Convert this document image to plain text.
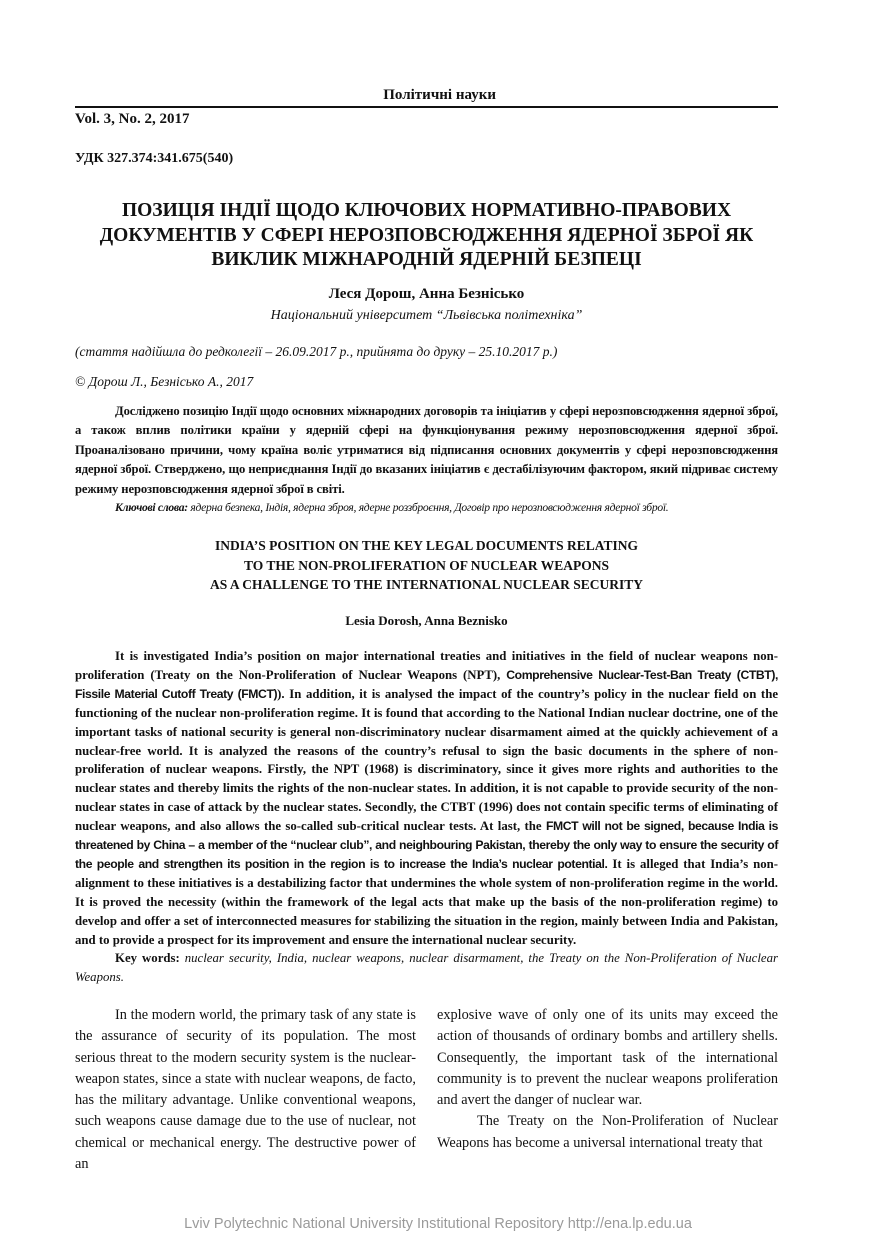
Політичні науки
Vol. 3, No. 2, 2017
УДК 327.374:341.675(540)
ПОЗИЦІЯ ІНДІЇ ЩОДО КЛЮЧОВИХ НОРМАТИВНО-ПРАВОВИХ ДОКУМЕНТІВ У СФЕРІ НЕРОЗПОВСЮДЖЕННЯ ЯДЕРНОЇ ЗБРОЇ ЯК ВИКЛИК МІЖНАРОДНІЙ ЯДЕРНІЙ БЕЗПЕЦІ
Леся Дорош, Анна Безнісько
Національний університет “Львівська політехніка”
(стаття надійшла до редколегії – 26.09.2017 р., прийнята до друку – 25.10.2017 р.)
© Дорош Л., Безнісько А., 2017
Досліджено позицію Індії щодо основних міжнародних договорів та ініціатив у сфері нерозповсюдження ядерної зброї, а також вплив політики країни у ядерній сфері на функціонування режиму нерозповсюдження ядерної зброї. Проаналізовано причини, чому країна воліє утриматися від підписання основних документів у сфері нерозповсюдження ядерної зброї. Стверджено, що неприєднання Індії до вказаних ініціатив є дестабілізуючим фактором, який підриває систему режиму нерозповсюдження ядерної зброї в світі.
Ключові слова: ядерна безпека, Індія, ядерна зброя, ядерне роззброєння, Договір про нерозповсюдження ядерної зброї.
INDIA’S POSITION ON THE KEY LEGAL DOCUMENTS RELATING
TO THE NON-PROLIFERATION OF NUCLEAR WEAPONS
AS A CHALLENGE TO THE INTERNATIONAL NUCLEAR SECURITY
Lesia Dorosh, Anna Beznisko
It is investigated India’s position on major international treaties and initiatives in the field of nuclear weapons non-proliferation (Treaty on the Non-Proliferation of Nuclear Weapons (NPT), Comprehensive Nuclear-Test-Ban Treaty (CTBT), Fissile Material Cutoff Treaty (FMCT)). In addition, it is analysed the impact of the country’s policy in the nuclear field on the functioning of the nuclear non-proliferation regime. It is found that according to the National Indian nuclear doctrine, one of the important tasks of national security is general non-discriminatory nuclear disarmament aimed at the quickly achievement of a nuclear-free world. It is analyzed the reasons of the country’s refusal to sign the basic documents in the sphere of non-proliferation of nuclear weapons. Firstly, the NPT (1968) is discriminatory, since it gives more rights and authorities to the nuclear states and thereby limits the rights of the non-nuclear states. In addition, it is not capable to provide security of the non-nuclear states in case of attack by the nuclear states. Secondly, the CTBT (1996) does not contain specific terms of eliminating of nuclear weapons, and also allows the so-called sub-critical nuclear tests. At last, the FMCT will not be signed, because India is threatened by China – a member of the “nuclear club”, and neighbouring Pakistan, thereby the only way to ensure the security of the people and strengthen its position in the region is to increase the India’s nuclear potential. It is alleged that India’s non-alignment to these initiatives is a destabilizing factor that undermines the whole system of non-proliferation regime in the world. It is proved the necessity (within the framework of the legal acts that make up the basis of the non-proliferation regime) to develop and offer a set of interconnected measures for stabilizing the situation in the region, mainly between India and Pakistan, and to provide a prospect for its improvement and ensure the international nuclear security.
Key words: nuclear security, India, nuclear weapons, nuclear disarmament, the Treaty on the Non-Proliferation of Nuclear Weapons.

In the modern world, the primary task of any state is the assurance of security of its population. The most serious threat to the modern security system is the nuclear-weapon states, since a state with nuclear weapons, de facto, has the military advantage. Unlike conventional weapons, such weapons cause damage due to the use of nuclear, not chemical or mechanical energy. The destructive power of an

explosive wave of only one of its units may exceed the action of thousands of ordinary bombs and artillery shells. Consequently, the important task of the international community is to prevent the nuclear weapons proliferation and avert the danger of nuclear war.

The Treaty on the Non-Proliferation of Nuclear Weapons has become a universal international treaty that

Lviv Polytechnic National University Institutional Repository http://ena.lp.edu.ua
